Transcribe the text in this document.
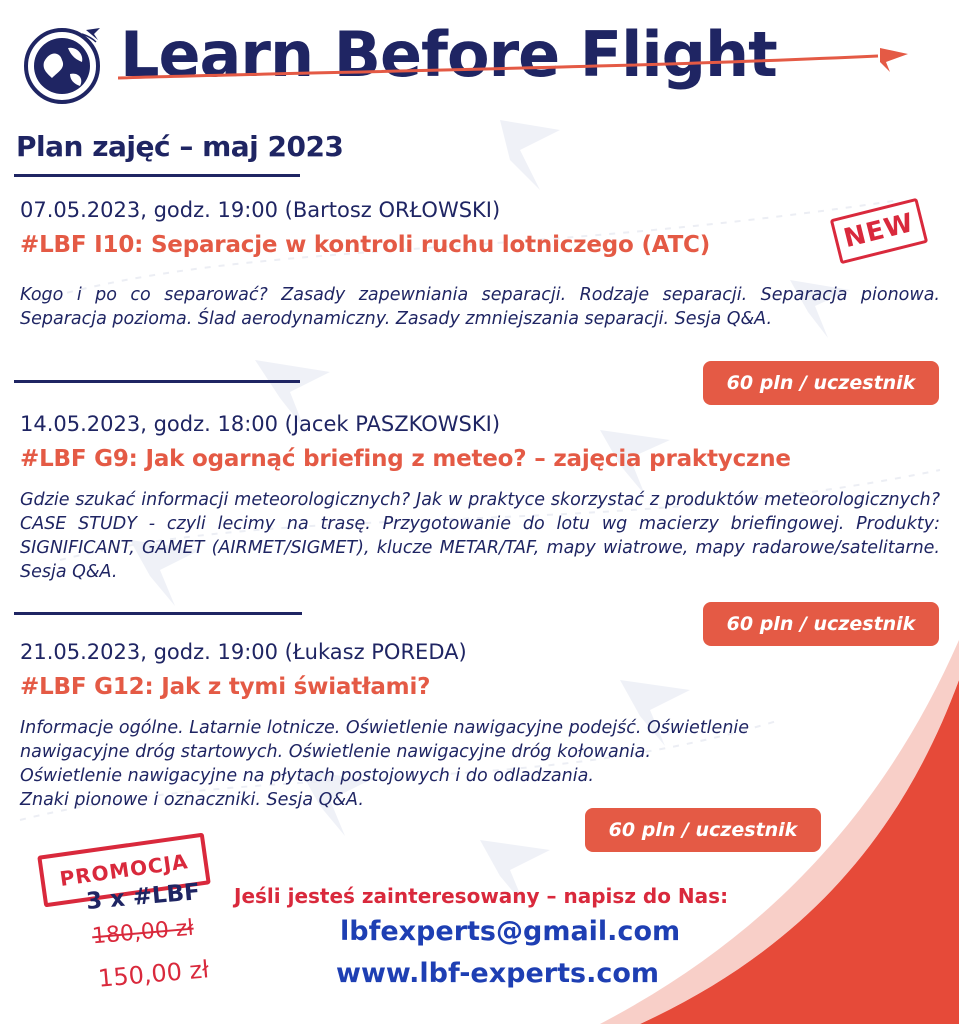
Learn Before Flight
Plan zajęć – maj 2023
07.05.2023, godz. 19:00 (Bartosz ORŁOWSKI)
#LBF I10: Separacje w kontroli ruchu lotniczego (ATC)	NEW
Kogo i po co separować? Zasady zapewniania separacji. Rodzaje separacji. Separacja pionowa. Separacja pozioma. Ślad aerodynamiczny. Zasady zmniejszania separacji. Sesja Q&A.
60 pln / uczestnik
14.05.2023, godz. 18:00 (Jacek PASZKOWSKI)
#LBF G9: Jak ogarnąć briefing z meteo? – zajęcia praktyczne
Gdzie szukać informacji meteorologicznych? Jak w praktyce skorzystać z produktów meteorologicznych? CASE STUDY - czyli lecimy na trasę. Przygotowanie do lotu wg macierzy briefingowej. Produkty: SIGNIFICANT, GAMET (AIRMET/SIGMET), klucze METAR/TAF, mapy wiatrowe, mapy radarowe/satelitarne. Sesja Q&A.
60 pln / uczestnik
21.05.2023, godz. 19:00 (Łukasz POREDA)
#LBF G12: Jak z tymi światłami?
Informacje ogólne. Latarnie lotnicze. Oświetlenie nawigacyjne podejść. Oświetlenie
nawigacyjne dróg startowych. Oświetlenie nawigacyjne dróg kołowania.
Oświetlenie nawigacyjne na płytach postojowych i do odladzania.
Znaki pionowe i oznaczniki. Sesja Q&A.
60 pln / uczestnik
PROMOCJA
3 x #LBF
180,00 zł
150,00 zł
Jeśli jesteś zainteresowany – napisz do Nas:
lbfexperts@gmail.com
www.lbf-experts.com
